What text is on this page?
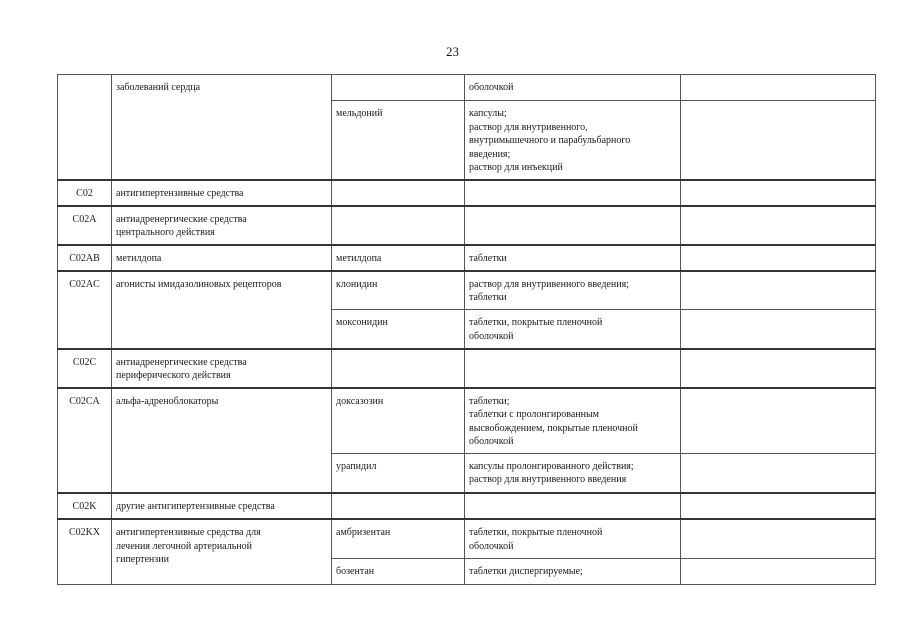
23
	заболеваний сердца		оболочкой	
		мельдоний	капсулы;
раствор для внутривенного,
внутримышечного и парабульбарного
введения;
раствор для инъекций	
C02	антигипертензивные средства			
C02A	антиадренергические средства
центрального действия			
C02AB	метилдопа	метилдопа	таблетки	
C02AC	агонисты имидазолиновых рецепторов	клонидин	раствор для внутривенного введения;
таблетки	
		моксонидин	таблетки, покрытые пленочной
оболочкой	
C02C	антиадренергические средства
периферического действия			
C02CA	альфа-адреноблокаторы	доксазозин	таблетки;
таблетки с пролонгированным
высвобождением, покрытые пленочной
оболочкой	
		урапидил	капсулы пролонгированного действия;
раствор для внутривенного введения	
C02K	другие антигипертензивные средства			
C02KX	антигипертензивные средства для
лечения легочной артериальной
гипертензии	амбризентан	таблетки, покрытые пленочной
оболочкой	
		бозентан	таблетки диспергируемые;	
